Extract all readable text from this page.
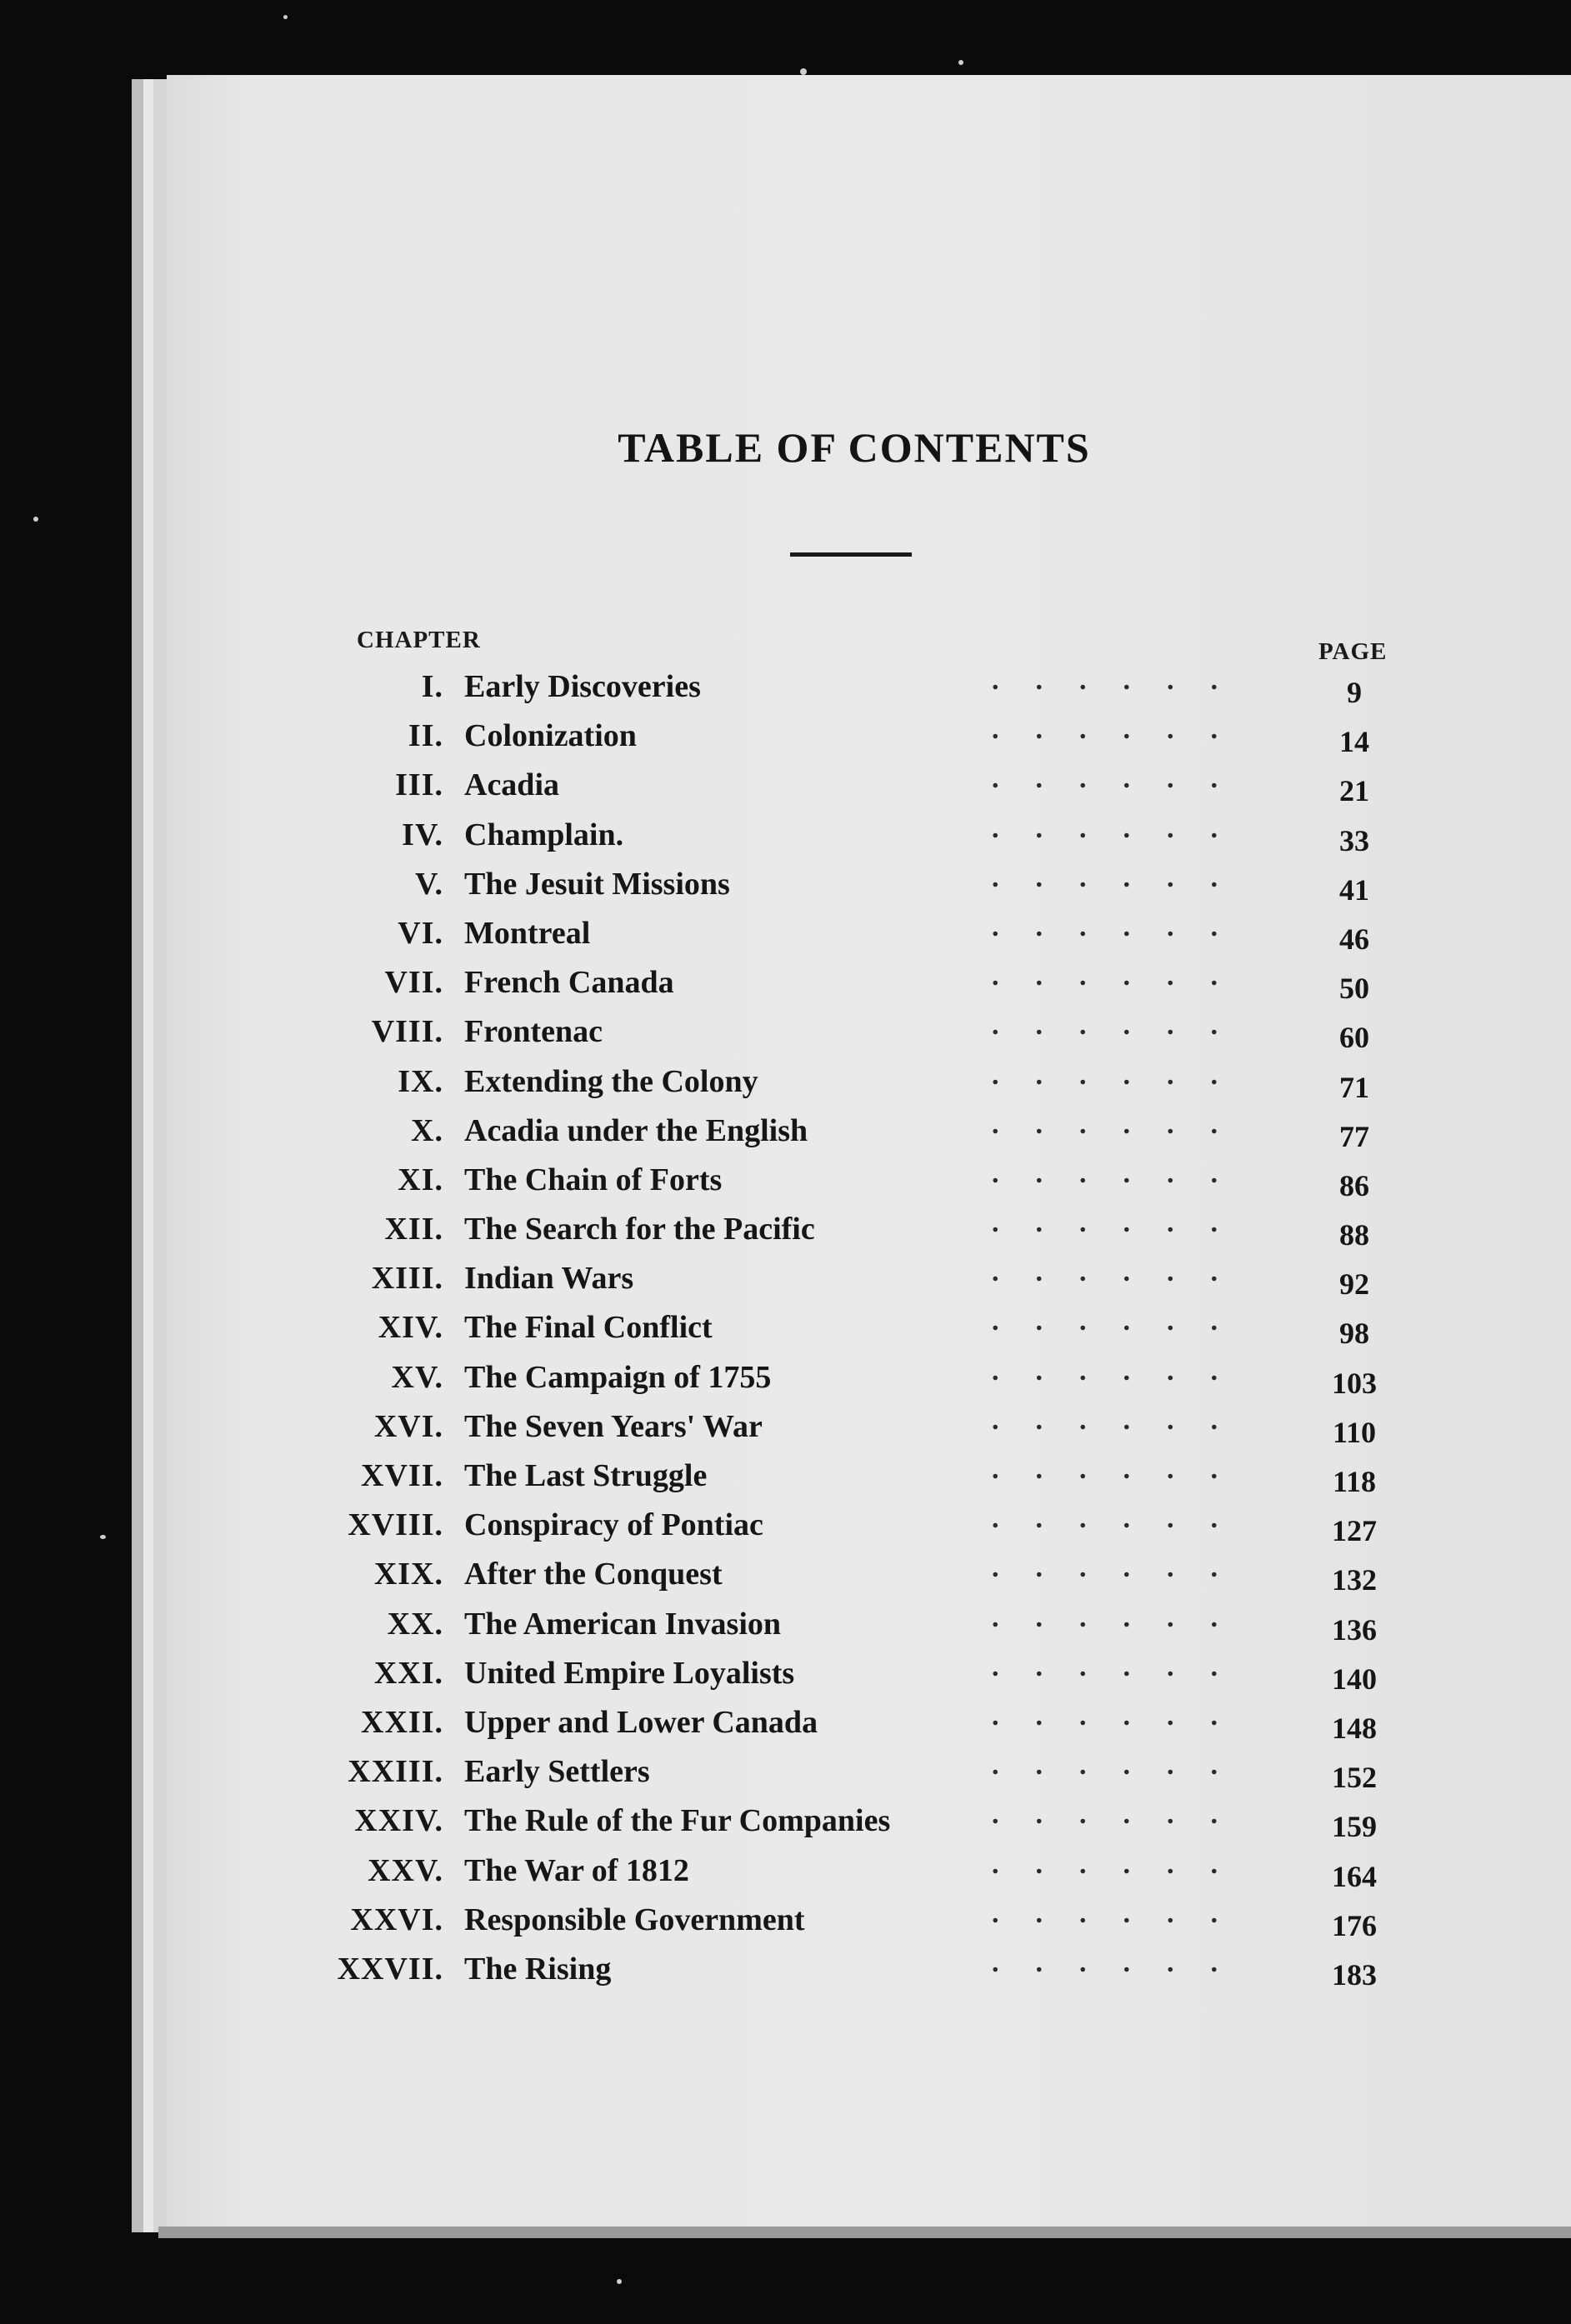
TABLE OF CONTENTS
CHAPTER	PAGE
I. Early Discoveries	......	9
II. Colonization	......	14
III. Acadia	......	21
IV. Champlain.	......	33
V. The Jesuit Missions	......	41
VI. Montreal	......	46
VII. French Canada	......	50
VIII. Frontenac	......	60
IX. Extending the Colony	......	71
X. Acadia under the English	......	77
XI. The Chain of Forts	......	86
XII. The Search for the Pacific	......	88
XIII. Indian Wars	......	92
XIV. The Final Conflict	......	98
XV. The Campaign of 1755	......	103
XVI. The Seven Years' War	......	110
XVII. The Last Struggle	......	118
XVIII. Conspiracy of Pontiac	......	127
XIX. After the Conquest	......	132
XX. The American Invasion	......	136
XXI. United Empire Loyalists	......	140
XXII. Upper and Lower Canada	......	148
XXIII. Early Settlers	......	152
XXIV. The Rule of the Fur Companies	......	159
XXV. The War of 1812	......	164
XXVI. Responsible Government	......	176
XXVII. The Rising	......	183
